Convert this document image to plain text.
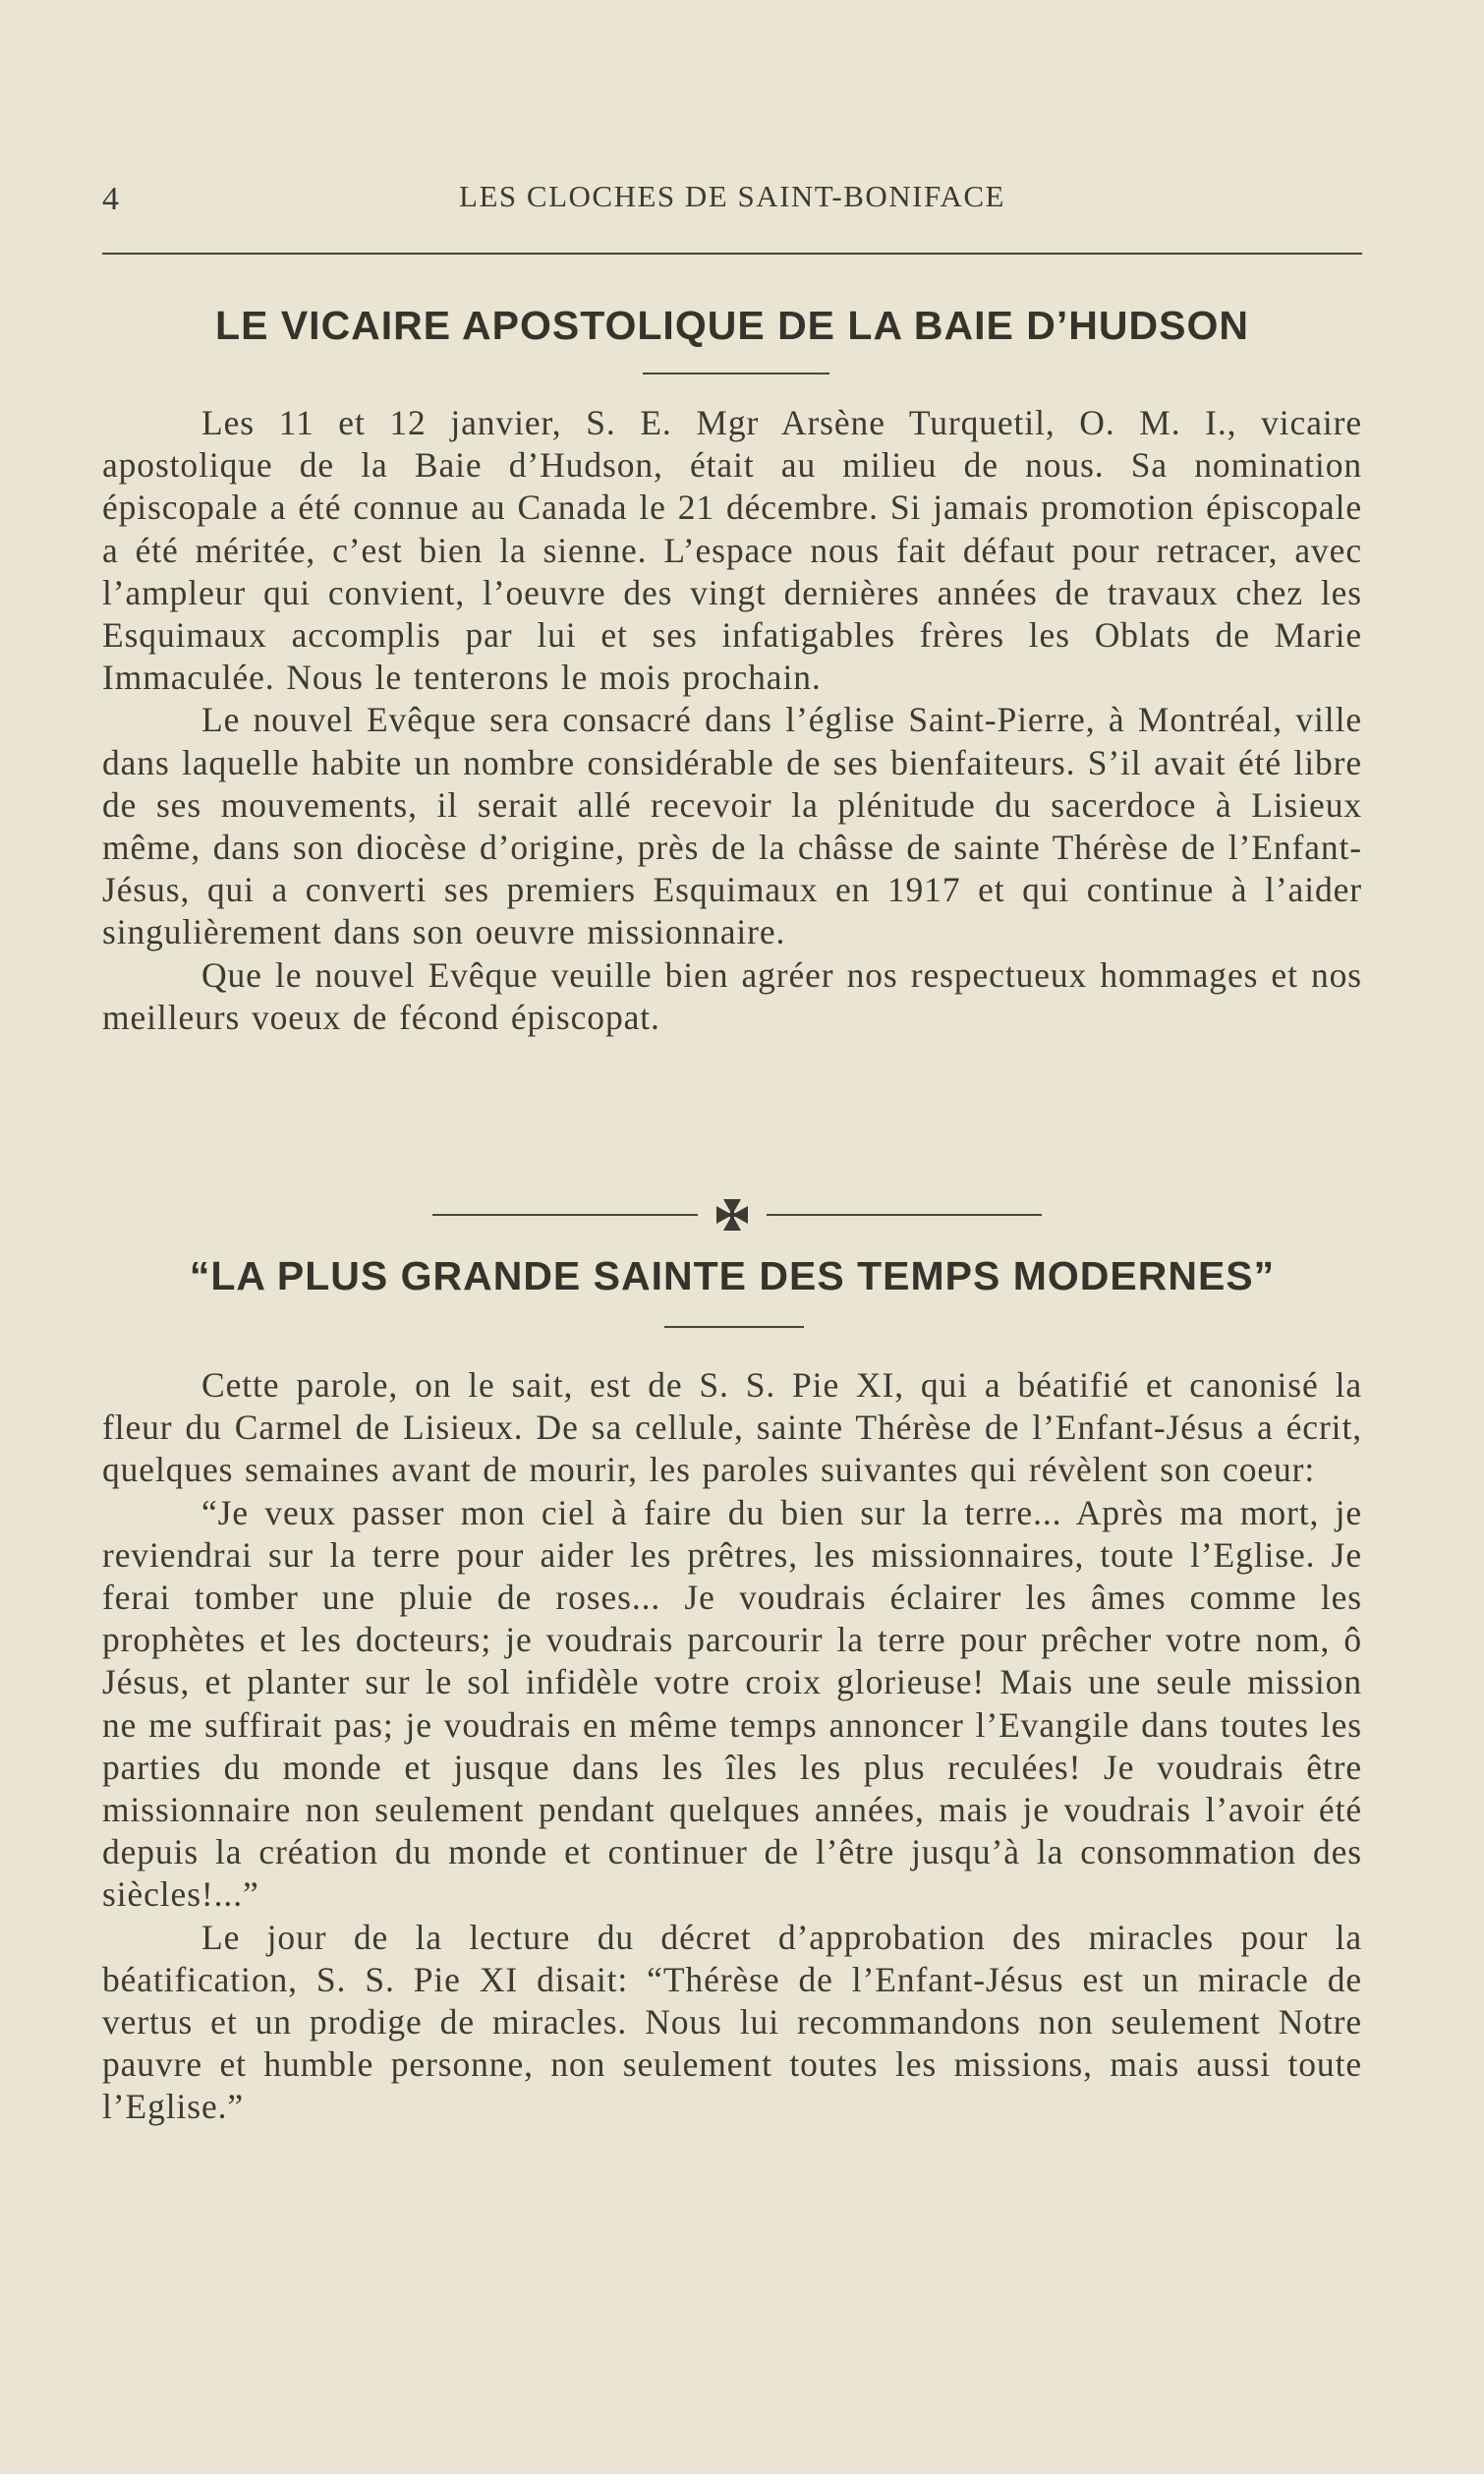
4	LES CLOCHES DE SAINT-BONIFACE
LE VICAIRE APOSTOLIQUE DE LA BAIE D’HUDSON

Les 11 et 12 janvier, S. E. Mgr Arsène Turquetil, O. M. I., vicaire apostolique de la Baie d’Hudson, était au milieu de nous. Sa nomination épiscopale a été connue au Canada le 21 décembre. Si jamais promotion épiscopale a été méritée, c’est bien la sienne. L’espace nous fait défaut pour retracer, avec l’ampleur qui convient, l’oeuvre des vingt dernières années de travaux chez les Esquimaux accomplis par lui et ses infatigables frères les Oblats de Marie Immaculée. Nous le tenterons le mois prochain.

Le nouvel Evêque sera consacré dans l’église Saint-Pierre, à Montréal, ville dans laquelle habite un nombre considérable de ses bienfaiteurs. S’il avait été libre de ses mouvements, il serait allé recevoir la plénitude du sacerdoce à Lisieux même, dans son diocèse d’origine, près de la châsse de sainte Thérèse de l’Enfant-Jésus, qui a converti ses premiers Esquimaux en 1917 et qui continue à l’aider singulièrement dans son oeuvre missionnaire.

Que le nouvel Evêque veuille bien agréer nos respectueux hommages et nos meilleurs voeux de fécond épiscopat.

“LA PLUS GRANDE SAINTE DES TEMPS MODERNES”

Cette parole, on le sait, est de S. S. Pie XI, qui a béatifié et canonisé la fleur du Carmel de Lisieux. De sa cellule, sainte Thérèse de l’Enfant-Jésus a écrit, quelques semaines avant de mourir, les paroles suivantes qui révèlent son coeur:

“Je veux passer mon ciel à faire du bien sur la terre... Après ma mort, je reviendrai sur la terre pour aider les prêtres, les missionnaires, toute l’Eglise. Je ferai tomber une pluie de roses... Je voudrais éclairer les âmes comme les prophètes et les docteurs; je voudrais parcourir la terre pour prêcher votre nom, ô Jésus, et planter sur le sol infidèle votre croix glorieuse! Mais une seule mission ne me suffirait pas; je voudrais en même temps annoncer l’Evangile dans toutes les parties du monde et jusque dans les îles les plus reculées! Je voudrais être missionnaire non seulement pendant quelques années, mais je voudrais l’avoir été depuis la création du monde et continuer de l’être jusqu’à la consommation des siècles!...”

Le jour de la lecture du décret d’approbation des miracles pour la béatification, S. S. Pie XI disait: “Thérèse de l’Enfant-Jésus est un miracle de vertus et un prodige de miracles. Nous lui recommandons non seulement Notre pauvre et humble personne, non seulement toutes les missions, mais aussi toute l’Eglise.”
